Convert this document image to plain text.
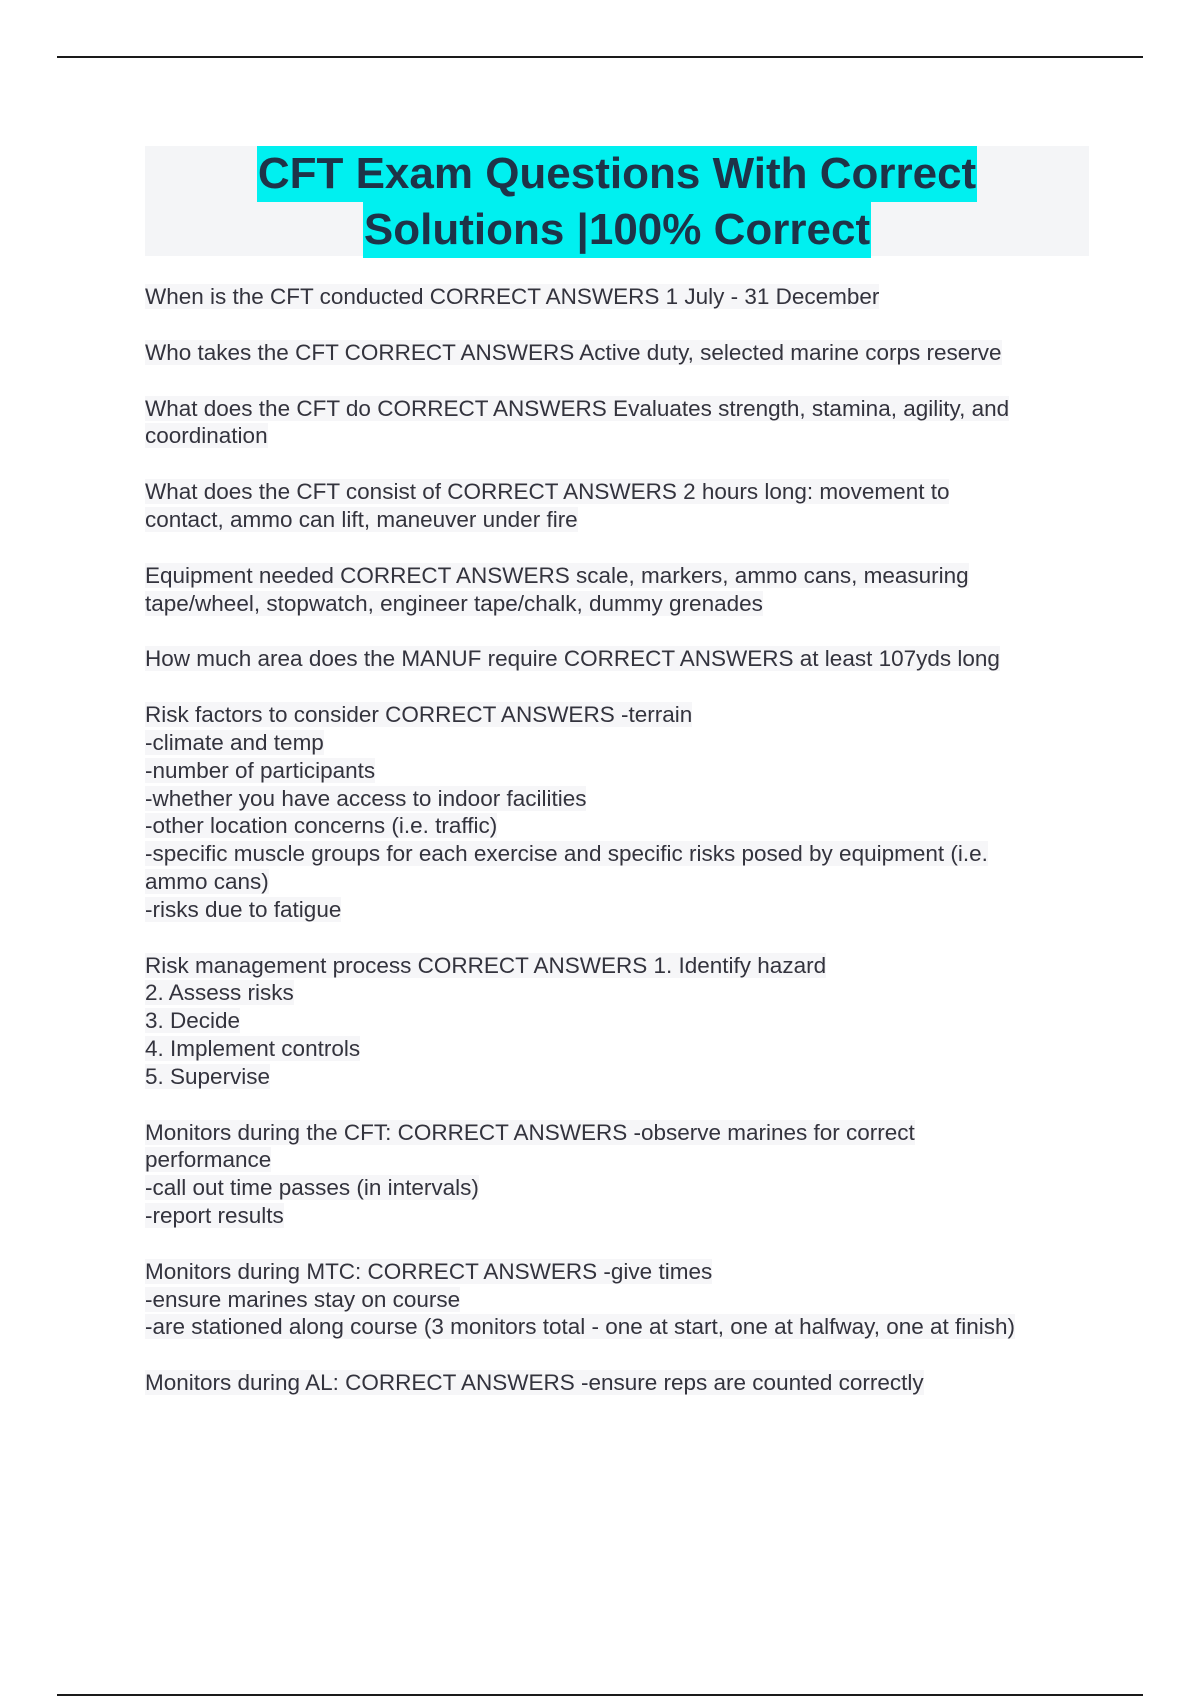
CFT Exam Questions With Correct
Solutions |100% Correct
When is the CFT conducted CORRECT ANSWERS 1 July - 31 December
Who takes the CFT CORRECT ANSWERS Active duty, selected marine corps reserve
What does the CFT do CORRECT ANSWERS Evaluates strength, stamina, agility, and
coordination
What does the CFT consist of CORRECT ANSWERS 2 hours long: movement to
contact, ammo can lift, maneuver under fire
Equipment needed CORRECT ANSWERS scale, markers, ammo cans, measuring
tape/wheel, stopwatch, engineer tape/chalk, dummy grenades
How much area does the MANUF require CORRECT ANSWERS at least 107yds long
Risk factors to consider CORRECT ANSWERS -terrain
-climate and temp
-number of participants
-whether you have access to indoor facilities
-other location concerns (i.e. traffic)
-specific muscle groups for each exercise and specific risks posed by equipment (i.e.
ammo cans)
-risks due to fatigue
Risk management process CORRECT ANSWERS 1. Identify hazard
2. Assess risks
3. Decide
4. Implement controls
5. Supervise
Monitors during the CFT: CORRECT ANSWERS -observe marines for correct
performance
-call out time passes (in intervals)
-report results
Monitors during MTC: CORRECT ANSWERS -give times
-ensure marines stay on course
-are stationed along course (3 monitors total - one at start, one at halfway, one at finish)
Monitors during AL: CORRECT ANSWERS -ensure reps are counted correctly
